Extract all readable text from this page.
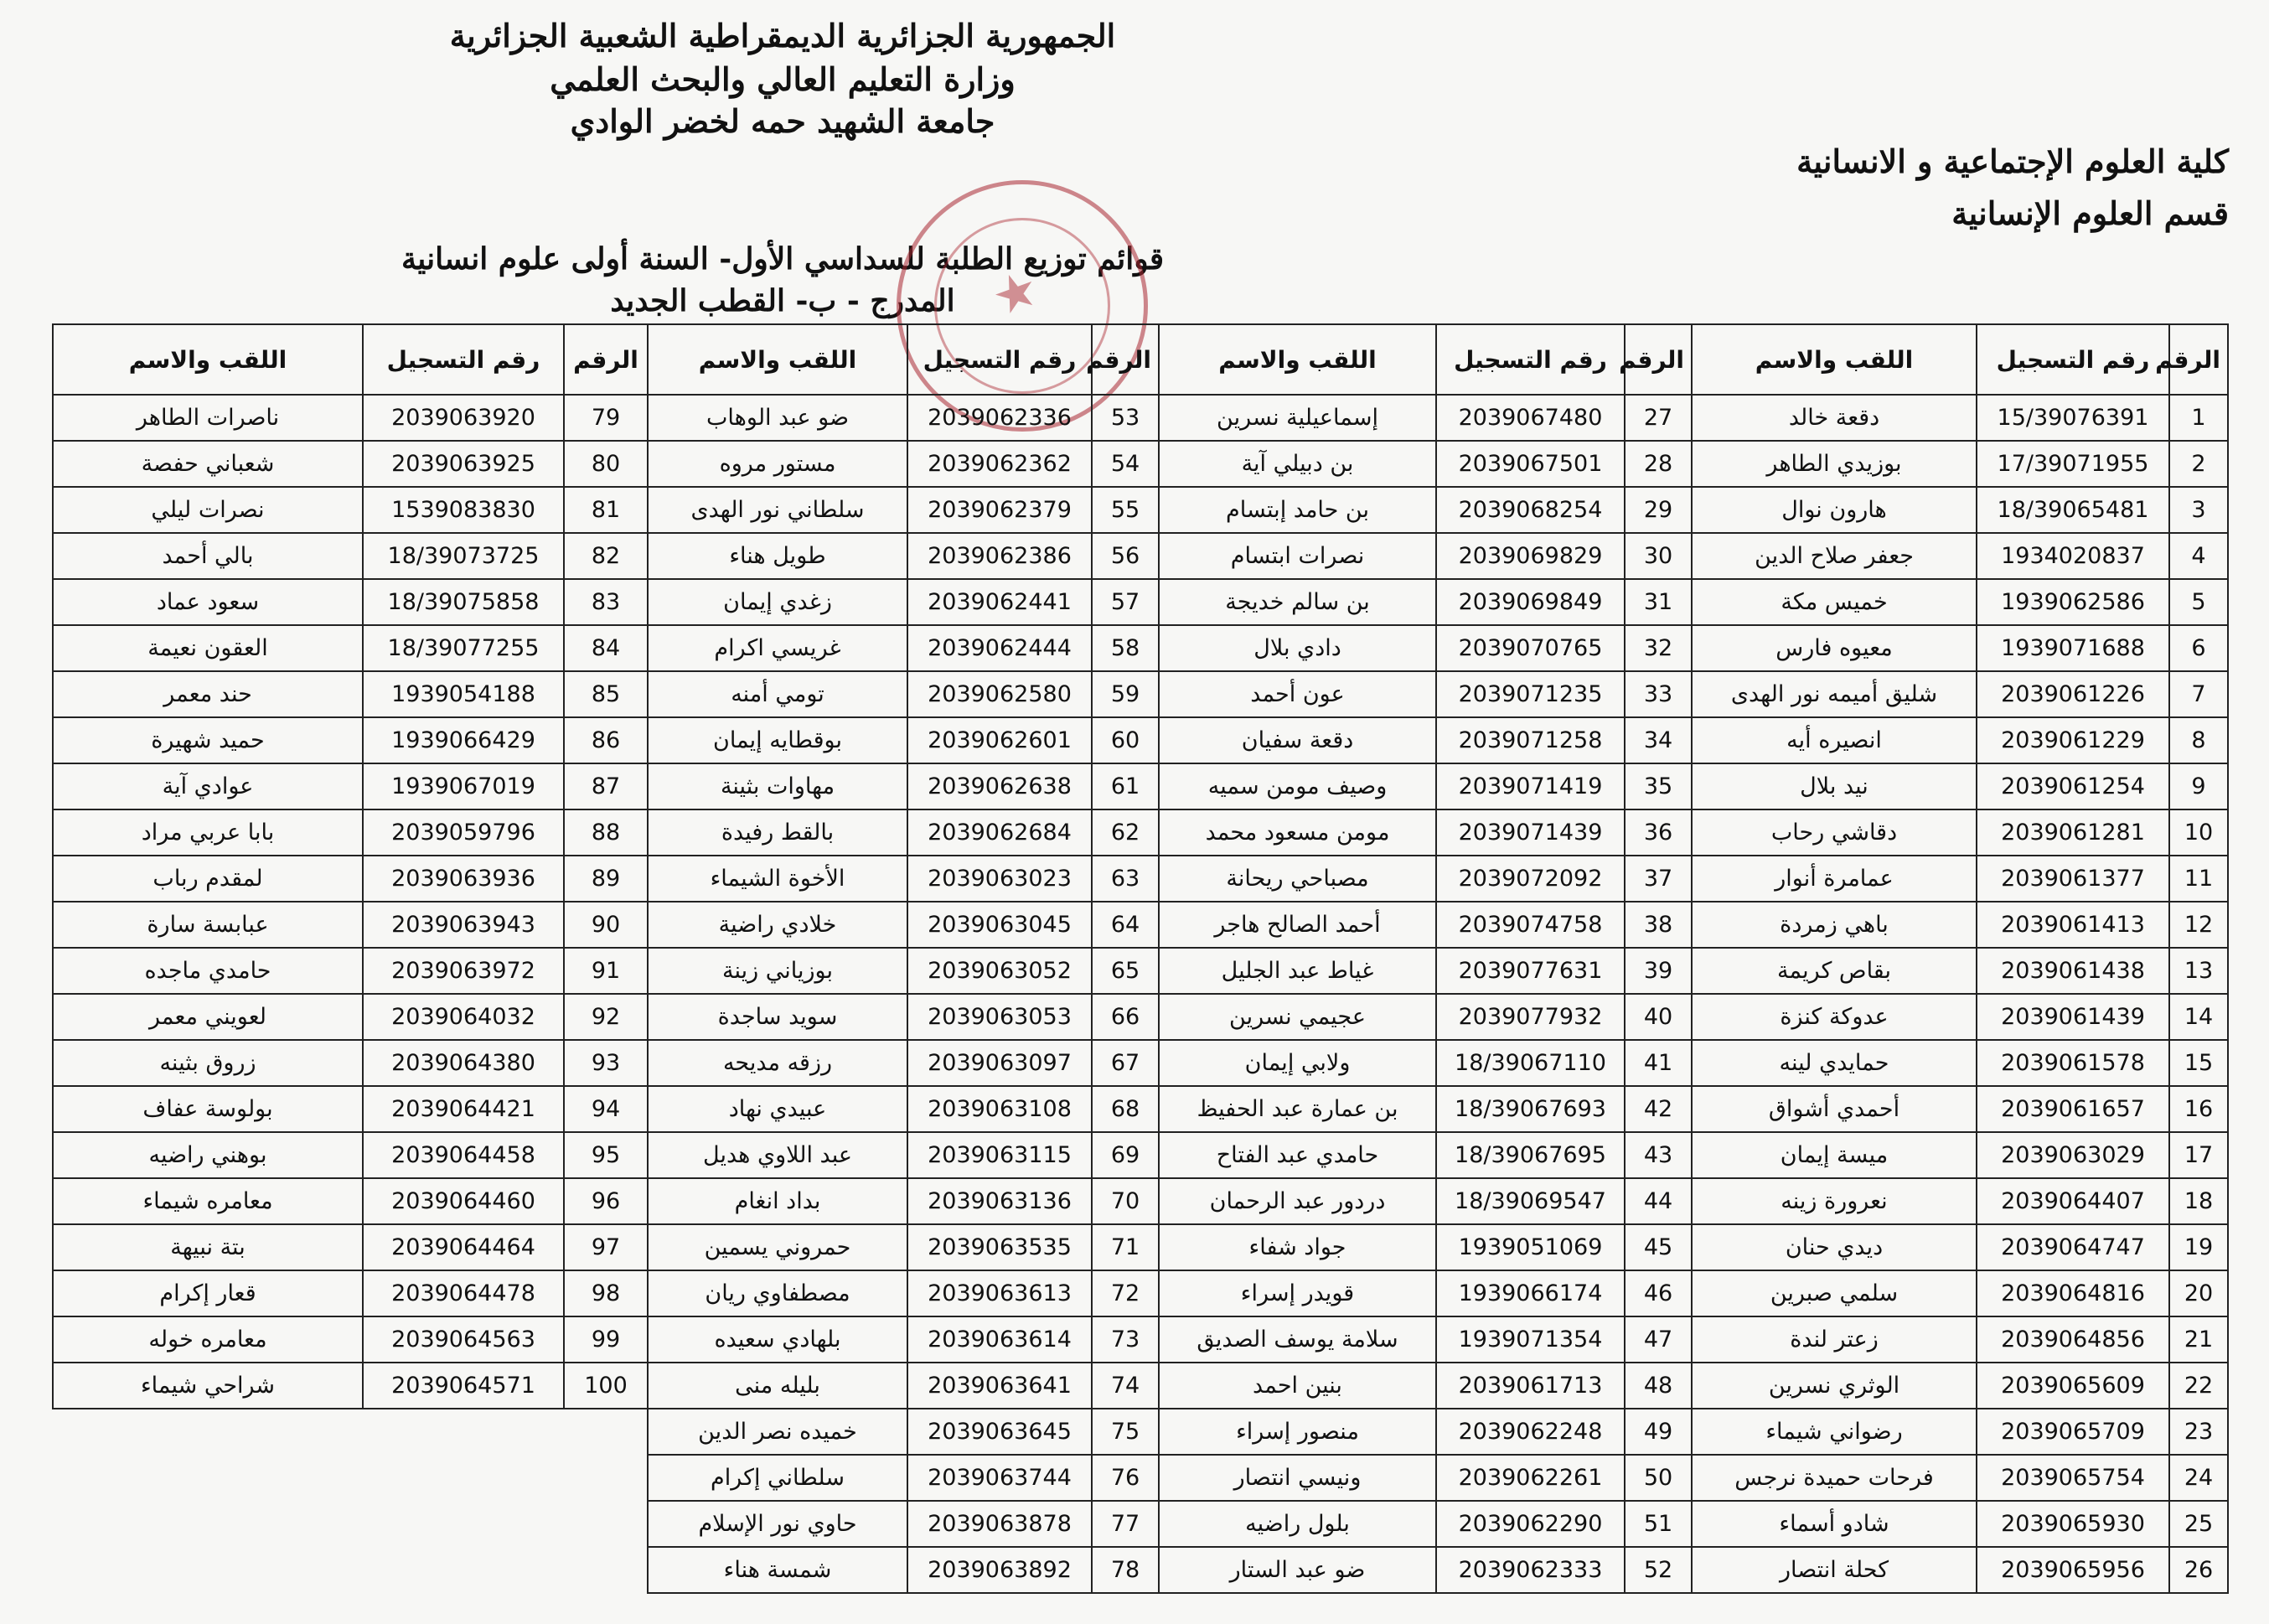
الجمهورية الجزائرية الديمقراطية الشعبية الجزائرية
وزارة التعليم العالي والبحث العلمي
جامعة الشهيد حمه لخضر الوادي
كلية العلوم الإجتماعية و الانسانية
قسم العلوم الإنسانية
قوائم توزيع الطلبة للسداسي الأول- السنة أولى علوم انسانية
المدرج - ب- القطب الجديد ★
الرقم	رقم التسجيل	اللقب والاسم
1	15/39076391	دقعة خالد
2	17/39071955	بوزيدي الطاهر
3	18/39065481	هارون نوال
4	1934020837	جعفر صلاح الدين
5	1939062586	خميس مكة
6	1939071688	معيوه فارس
7	2039061226	شليق أميمه نور الهدى
8	2039061229	انصيره أيه
9	2039061254	نيد بلال
10	2039061281	دقاشي رحاب
11	2039061377	عمامرة أنوار
12	2039061413	باهي زمردة
13	2039061438	بقاص كريمة
14	2039061439	عدوكة كنزة
15	2039061578	حمايدي لينه
16	2039061657	أحمدي أشواق
17	2039063029	ميسة إيمان
18	2039064407	نعرورة زينه
19	2039064747	ديدي حنان
20	2039064816	سلمي صبرين
21	2039064856	زعتر لندة
22	2039065609	الوثري نسرين
23	2039065709	رضواني شيماء
24	2039065754	فرحات حميدة نرجس
25	2039065930	شادو أسماء
26	2039065956	كحلة انتصار
الرقم	رقم التسجيل	اللقب والاسم
27	2039067480	إسماعيلية نسرين
28	2039067501	بن دبيلي آية
29	2039068254	بن حامد إبتسام
30	2039069829	نصرات ابتسام
31	2039069849	بن سالم خديجة
32	2039070765	دادي بلال
33	2039071235	عون أحمد
34	2039071258	دقعة سفيان
35	2039071419	وصيف مومن سميه
36	2039071439	مومن مسعود محمد
37	2039072092	مصباحي ريحانة
38	2039074758	أحمد الصالح هاجر
39	2039077631	غياط عبد الجليل
40	2039077932	عجيمي نسرين
41	18/39067110	ولابي إيمان
42	18/39067693	بن عمارة عبد الحفيظ
43	18/39067695	حامدي عبد الفتاح
44	18/39069547	دردور عبد الرحمان
45	1939051069	جواد شفاء
46	1939066174	قويدر إسراء
47	1939071354	سلامة يوسف الصديق
48	2039061713	بنين احمد
49	2039062248	منصور إسراء
50	2039062261	ونيسي انتصار
51	2039062290	بلول راضيه
52	2039062333	ضو عبد الستار
الرقم	رقم التسجيل	اللقب والاسم
53	2039062336	ضو عبد الوهاب
54	2039062362	مستور مروه
55	2039062379	سلطاني نور الهدى
56	2039062386	طويل هناء
57	2039062441	زغدي إيمان
58	2039062444	غريسي اكرام
59	2039062580	تومي أمنه
60	2039062601	بوقطايه إيمان
61	2039062638	مهاوات بثينة
62	2039062684	بالقط رفيدة
63	2039063023	الأخوة الشيماء
64	2039063045	خلادي راضية
65	2039063052	بوزياني زينة
66	2039063053	سويد ساجدة
67	2039063097	رزقه مديحه
68	2039063108	عبيدي نهاد
69	2039063115	عبد اللاوي هديل
70	2039063136	بداد انغام
71	2039063535	حمروني يسمين
72	2039063613	مصطفاوي ريان
73	2039063614	بلهادي سعيده
74	2039063641	بليله منى
75	2039063645	خميده نصر الدين
76	2039063744	سلطاني إكرام
77	2039063878	حاوي نور الإسلام
78	2039063892	شمسة هناء
الرقم	رقم التسجيل	اللقب والاسم
79	2039063920	ناصرات الطاهر
80	2039063925	شعباني حفصة
81	1539083830	نصرات ليلي
82	18/39073725	بالي أحمد
83	18/39075858	سعود عماد
84	18/39077255	العقون نعيمة
85	1939054188	حند معمر
86	1939066429	حميد شهيرة
87	1939067019	عوادي آية
88	2039059796	بابا عربي مراد
89	2039063936	لمقدم رباب
90	2039063943	عبابسة سارة
91	2039063972	حامدي ماجده
92	2039064032	لعويني معمر
93	2039064380	زروق بثينه
94	2039064421	بولوسة عفاف
95	2039064458	بوهني راضيه
96	2039064460	معامره شيماء
97	2039064464	بتة نبيهة
98	2039064478	قعار إكرام
99	2039064563	معامره خوله
100	2039064571	شراحي شيماء
